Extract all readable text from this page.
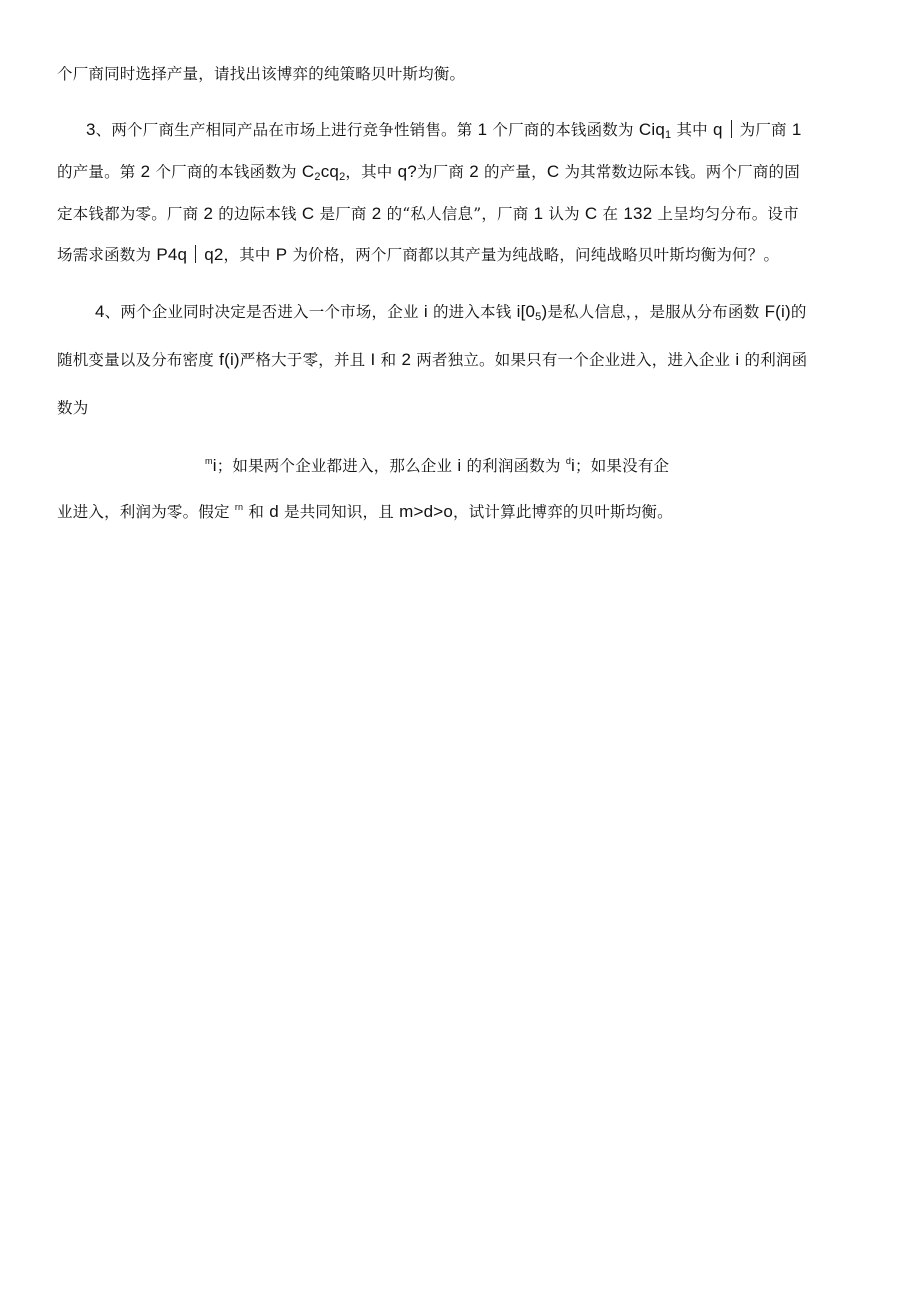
个厂商同时选择产量，请找出该博弈的纯策略贝叶斯均衡。
3、两个厂商生产相同产品在市场上进行竞争性销售。第 1 个厂商的本钱函数为 Ciq$_1$ 其中 q 为厂商 1
的产量。第 2 个厂商的本钱函数为 $C_2cq_2$，其中 q?为厂商 2 的产量，C 为其常数边际本钱。两个厂商的固
定本钱都为零。厂商 2 的边际本钱 C 是厂商 2 的“私人信息”，厂商 1 认为 C 在 132 上呈均匀分布。设市
场需求函数为 P4q q2，其中 P 为价格，两个厂商都以其产量为纯战略，问纯战略贝叶斯均衡为何？。
4、两个企业同时决定是否进入一个市场，企业 i 的进入本钱 $i[0_5)$是私人信息，，是服从分布函数 F(i)的
随机变量以及分布密度 f(i)严格大于零，并且 I 和 2 两者独立。如果只有一个企业进入，进入企业 i 的利润函
数为
$^m$i；如果两个企业都进入，那么企业 i 的利润函数为 $^d$i；如果没有企
业进入，利润为零。假定 $^{rn}$ 和 d 是共同知识，且 m>d>o，试计算此博弈的贝叶斯均衡。
